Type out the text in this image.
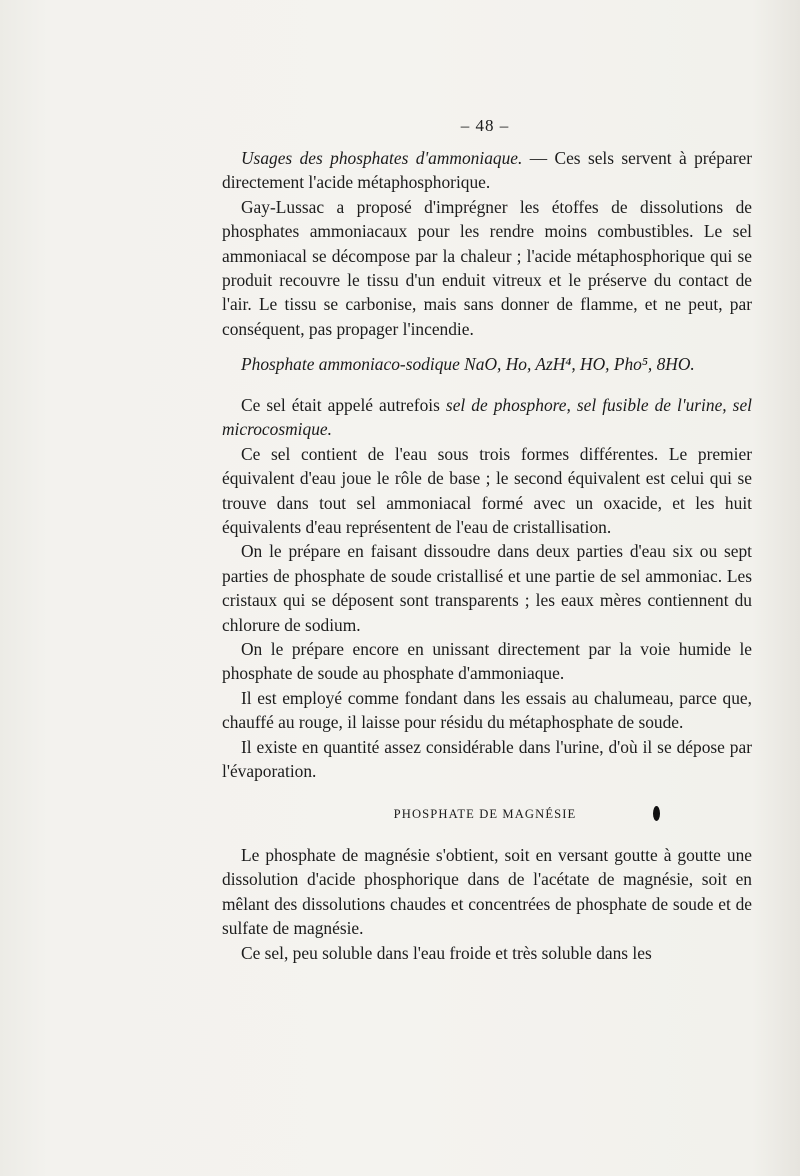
– 48 –

Usages des phosphates d'ammoniaque. — Ces sels servent à préparer directement l'acide métaphosphorique.

Gay-Lussac a proposé d'imprégner les étoffes de dissolutions de phosphates ammoniacaux pour les rendre moins combustibles. Le sel ammoniacal se décompose par la chaleur ; l'acide métaphosphorique qui se produit recouvre le tissu d'un enduit vitreux et le préserve du contact de l'air. Le tissu se carbonise, mais sans donner de flamme, et ne peut, par conséquent, pas propager l'incendie.

Phosphate ammoniaco-sodique NaO, Ho, AzH⁴, HO, Pho⁵, 8HO.

Ce sel était appelé autrefois sel de phosphore, sel fusible de l'urine, sel microcosmique.

Ce sel contient de l'eau sous trois formes différentes. Le premier équivalent d'eau joue le rôle de base ; le second équivalent est celui qui se trouve dans tout sel ammoniacal formé avec un oxacide, et les huit équivalents d'eau représentent de l'eau de cristallisation.

On le prépare en faisant dissoudre dans deux parties d'eau six ou sept parties de phosphate de soude cristallisé et une partie de sel ammoniac. Les cristaux qui se déposent sont transparents ; les eaux mères contiennent du chlorure de sodium.

On le prépare encore en unissant directement par la voie humide le phosphate de soude au phosphate d'ammoniaque.

Il est employé comme fondant dans les essais au chalumeau, parce que, chauffé au rouge, il laisse pour résidu du métaphosphate de soude.

Il existe en quantité assez considérable dans l'urine, d'où il se dépose par l'évaporation.

PHOSPHATE DE MAGNÉSIE

Le phosphate de magnésie s'obtient, soit en versant goutte à goutte une dissolution d'acide phosphorique dans de l'acétate de magnésie, soit en mêlant des dissolutions chaudes et concentrées de phosphate de soude et de sulfate de magnésie.

Ce sel, peu soluble dans l'eau froide et très soluble dans les
